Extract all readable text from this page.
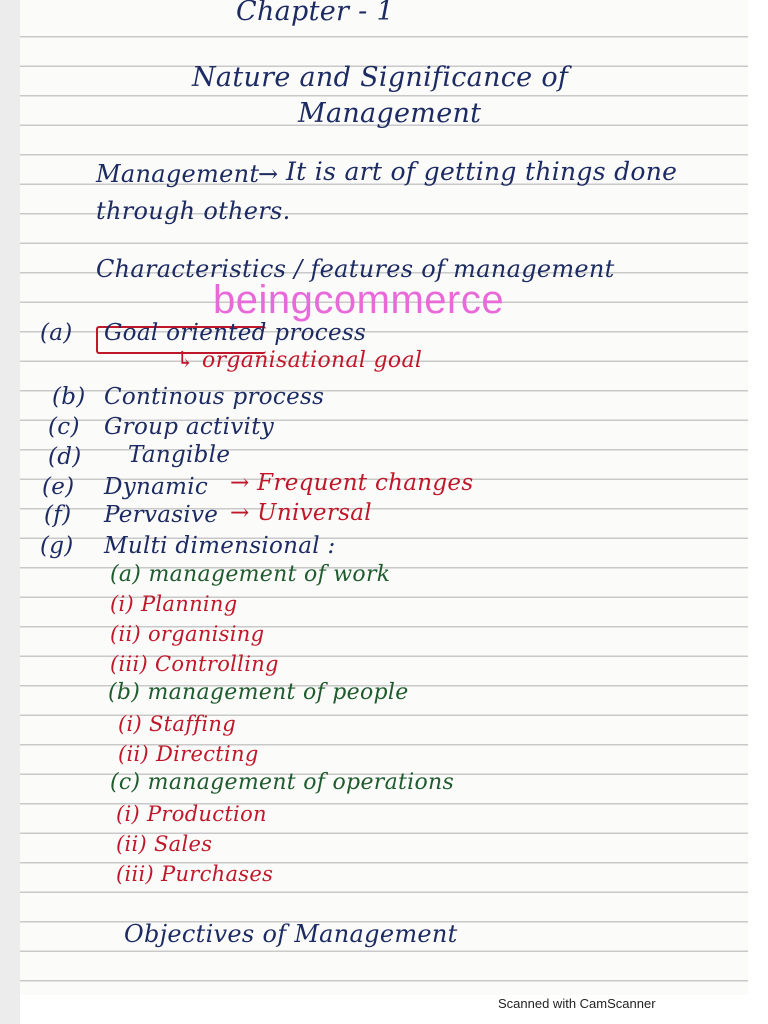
Chapter - 1
Nature and Significance of
Management
Management
→ It is art of getting things done
through others.
Characteristics / features of management
beingcommerce
(a) Goal oriented process
↳ organisational goal
(b) Continous process
(c) Group activity
(d) Tangible
(e) Dynamic → Frequent changes
(f) Pervasive → Universal
(g) Multi dimensional :
(a) management of work
(i) Planning
(ii) organising
(iii) Controlling
(b) management of people
(i) Staffing
(ii) Directing
(c) management of operations
(i) Production
(ii) Sales
(iii) Purchases
Objectives of Management
Scanned with CamScanner
